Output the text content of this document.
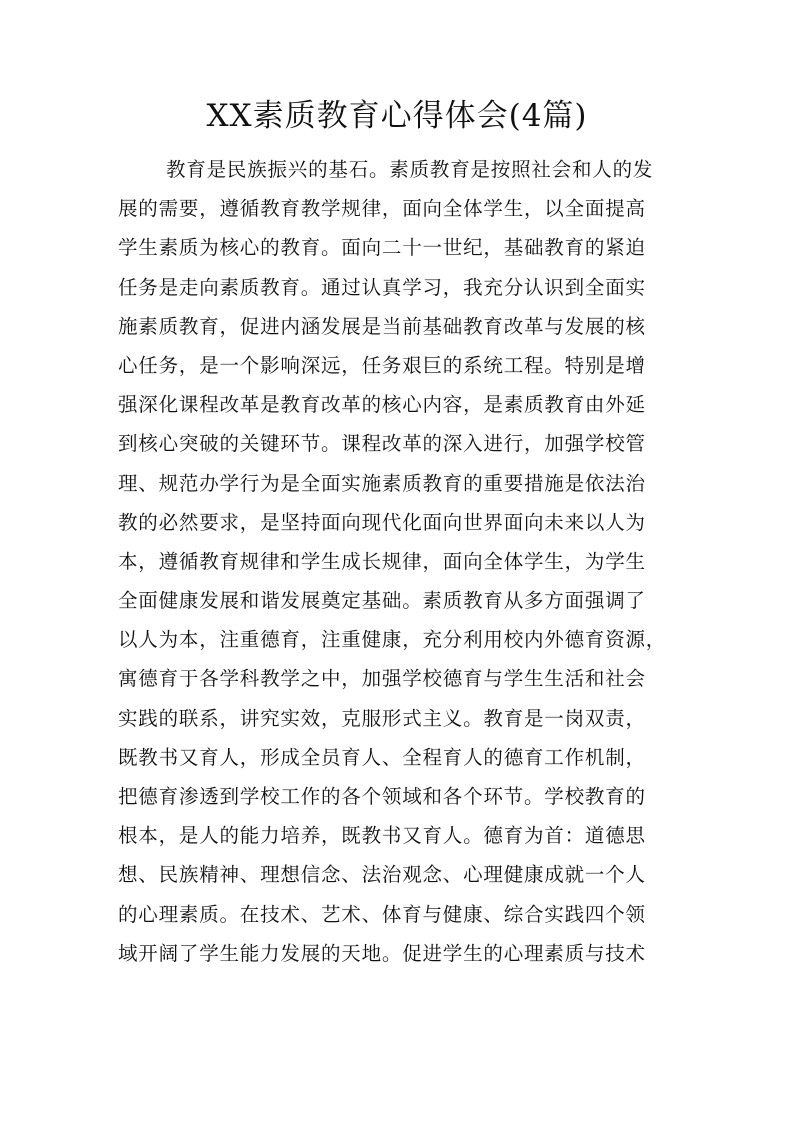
XX素质教育心得体会(4篇)
教育是民族振兴的基石。素质教育是按照社会和人的发
展的需要，遵循教育教学规律，面向全体学生，以全面提高
学生素质为核心的教育。面向二十一世纪，基础教育的紧迫
任务是走向素质教育。通过认真学习，我充分认识到全面实
施素质教育，促进内涵发展是当前基础教育改革与发展的核
心任务，是一个影响深远，任务艰巨的系统工程。特别是增
强深化课程改革是教育改革的核心内容，是素质教育由外延
到核心突破的关键环节。课程改革的深入进行，加强学校管
理、规范办学行为是全面实施素质教育的重要措施是依法治
教的必然要求，是坚持面向现代化面向世界面向未来以人为
本，遵循教育规律和学生成长规律，面向全体学生，为学生
全面健康发展和谐发展奠定基础。素质教育从多方面强调了
以人为本，注重德育，注重健康，充分利用校内外德育资源，
寓德育于各学科教学之中，加强学校德育与学生生活和社会
实践的联系，讲究实效，克服形式主义。教育是一岗双责，
既教书又育人，形成全员育人、全程育人的德育工作机制，
把德育渗透到学校工作的各个领域和各个环节。学校教育的
根本，是人的能力培养，既教书又育人。德育为首：道德思
想、民族精神、理想信念、法治观念、心理健康成就一个人
的心理素质。在技术、艺术、体育与健康、综合实践四个领
域开阔了学生能力发展的天地。促进学生的心理素质与技术
